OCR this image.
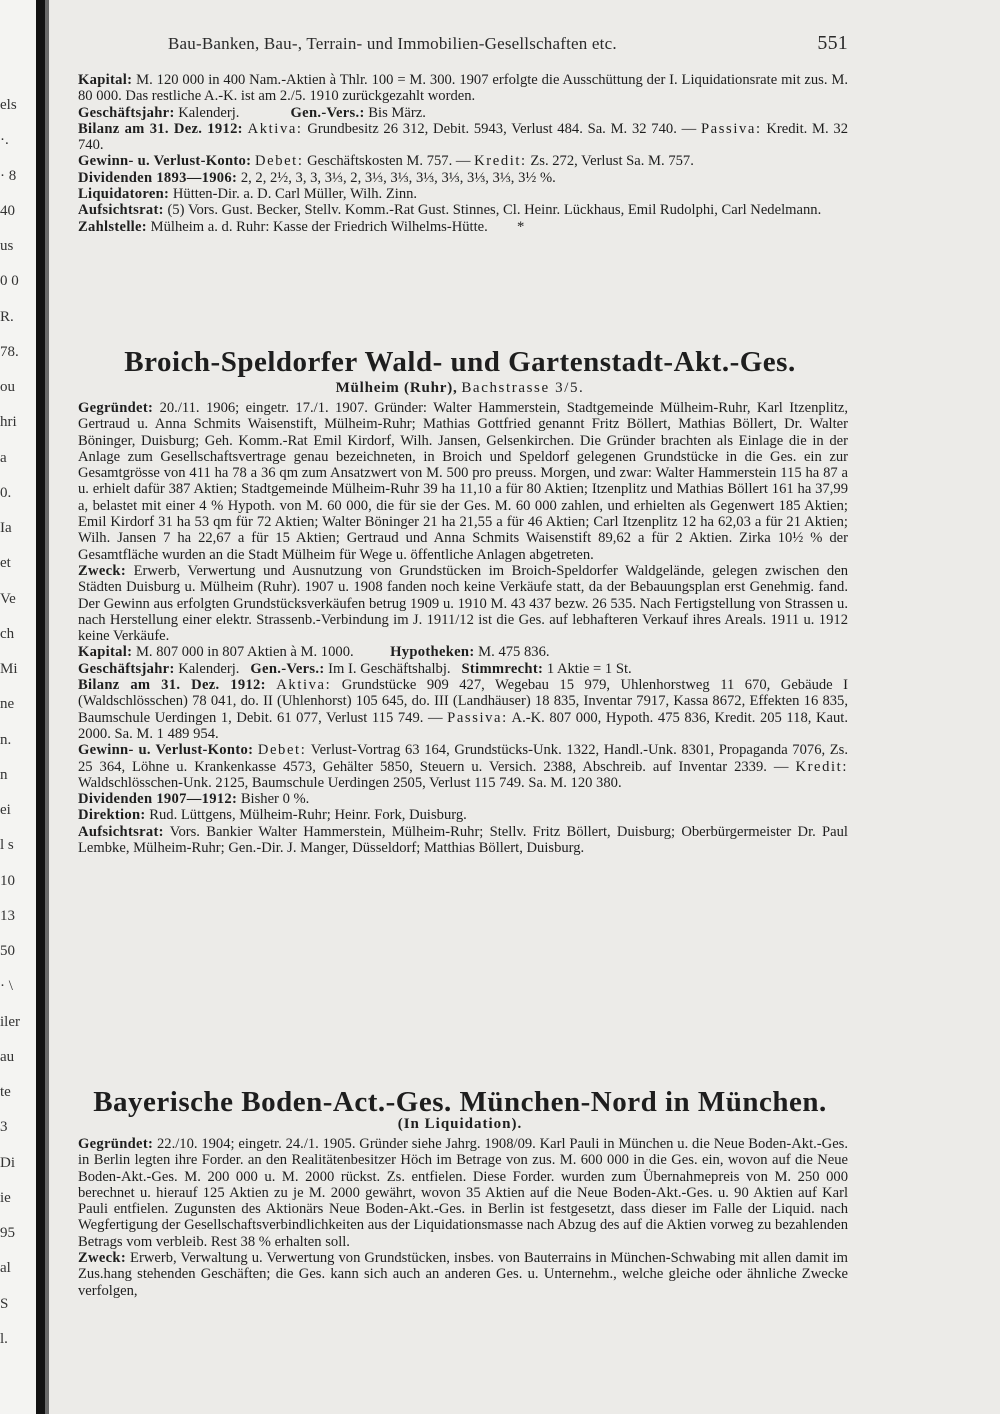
els
·.
· 8
40
us
0 0
R.
78.
ou
hri
a
0.
Ia
et
Ve
ch
Mi
ne
n.
n
ei
l s
10
13
50
· \
iler
au
te
3
Di
ie
95
al
S
l.
Bau-Banken, Bau-, Terrain- und Immobilien-Gesellschaften etc.	551

Kapital: M. 120 000 in 400 Nam.-Aktien à Thlr. 100 = M. 300. 1907 erfolgte die Ausschüttung der I. Liquidationsrate mit zus. M. 80 000. Das restliche A.-K. ist am 2./5. 1910 zurückgezahlt worden.

Geschäftsjahr: Kalenderj.	Gen.-Vers.: Bis März.

Bilanz am 31. Dez. 1912: Aktiva: Grundbesitz 26 312, Debit. 5943, Verlust 484. Sa. M. 32 740. — Passiva: Kredit. M. 32 740.

Gewinn- u. Verlust-Konto: Debet: Geschäftskosten M. 757. — Kredit: Zs. 272, Verlust Sa. M. 757.

Dividenden 1893—1906: 2, 2, 2½, 3, 3, 3⅓, 2, 3⅓, 3⅓, 3⅓, 3⅓, 3⅓, 3⅓, 3½ %.

Liquidatoren: Hütten-Dir. a. D. Carl Müller, Wilh. Zinn.

Aufsichtsrat: (5) Vors. Gust. Becker, Stellv. Komm.-Rat Gust. Stinnes, Cl. Heinr. Lückhaus, Emil Rudolphi, Carl Nedelmann.

Zahlstelle: Mülheim a. d. Ruhr: Kasse der Friedrich Wilhelms-Hütte. *

Broich-Speldorfer Wald- und Gartenstadt-Akt.-Ges.
Mülheim (Ruhr), Bachstrasse 3/5.

Gegründet: 20./11. 1906; eingetr. 17./1. 1907. Gründer: Walter Hammerstein, Stadtgemeinde Mülheim-Ruhr, Karl Itzenplitz, Gertraud u. Anna Schmits Waisenstift, Mülheim-Ruhr; Mathias Gottfried genannt Fritz Böllert, Mathias Böllert, Dr. Walter Böninger, Duisburg; Geh. Komm.-Rat Emil Kirdorf, Wilh. Jansen, Gelsenkirchen. Die Gründer brachten als Einlage die in der Anlage zum Gesellschaftsvertrage genau bezeichneten, in Broich und Speldorf gelegenen Grundstücke in die Ges. ein zur Gesamtgrösse von 411 ha 78 a 36 qm zum Ansatzwert von M. 500 pro preuss. Morgen, und zwar: Walter Hammerstein 115 ha 87 a u. erhielt dafür 387 Aktien; Stadtgemeinde Mülheim-Ruhr 39 ha 11,10 a für 80 Aktien; Itzenplitz und Mathias Böllert 161 ha 37,99 a, belastet mit einer 4 % Hypoth. von M. 60 000, die für sie der Ges. M. 60 000 zahlen, und erhielten als Gegenwert 185 Aktien; Emil Kirdorf 31 ha 53 qm für 72 Aktien; Walter Böninger 21 ha 21,55 a für 46 Aktien; Carl Itzenplitz 12 ha 62,03 a für 21 Aktien; Wilh. Jansen 7 ha 22,67 a für 15 Aktien; Gertraud und Anna Schmits Waisenstift 89,62 a für 2 Aktien. Zirka 10½ % der Gesamtfläche wurden an die Stadt Mülheim für Wege u. öffentliche Anlagen abgetreten.

Zweck: Erwerb, Verwertung und Ausnutzung von Grundstücken im Broich-Speldorfer Waldgelände, gelegen zwischen den Städten Duisburg u. Mülheim (Ruhr). 1907 u. 1908 fanden noch keine Verkäufe statt, da der Bebauungsplan erst Genehmig. fand. Der Gewinn aus erfolgten Grundstücksverkäufen betrug 1909 u. 1910 M. 43 437 bezw. 26 535. Nach Fertigstellung von Strassen u. nach Herstellung einer elektr. Strassenb.-Verbindung im J. 1911/12 ist die Ges. auf lebhafteren Verkauf ihres Areals. 1911 u. 1912 keine Verkäufe.

Kapital: M. 807 000 in 807 Aktien à M. 1000. Hypotheken: M. 475 836.

Geschäftsjahr: Kalenderj. Gen.-Vers.: Im I. Geschäftshalbj. Stimmrecht: 1 Aktie = 1 St.

Bilanz am 31. Dez. 1912: Aktiva: Grundstücke 909 427, Wegebau 15 979, Uhlenhorstweg 11 670, Gebäude I (Waldschlösschen) 78 041, do. II (Uhlenhorst) 105 645, do. III (Landhäuser) 18 835, Inventar 7917, Kassa 8672, Effekten 16 835, Baumschule Uerdingen 1, Debit. 61 077, Verlust 115 749. — Passiva: A.-K. 807 000, Hypoth. 475 836, Kredit. 205 118, Kaut. 2000. Sa. M. 1 489 954.

Gewinn- u. Verlust-Konto: Debet: Verlust-Vortrag 63 164, Grundstücks-Unk. 1322, Handl.-Unk. 8301, Propaganda 7076, Zs. 25 364, Löhne u. Krankenkasse 4573, Gehälter 5850, Steuern u. Versich. 2388, Abschreib. auf Inventar 2339. — Kredit: Waldschlösschen-Unk. 2125, Baumschule Uerdingen 2505, Verlust 115 749. Sa. M. 120 380.

Dividenden 1907—1912: Bisher 0 %.

Direktion: Rud. Lüttgens, Mülheim-Ruhr; Heinr. Fork, Duisburg.

Aufsichtsrat: Vors. Bankier Walter Hammerstein, Mülheim-Ruhr; Stellv. Fritz Böllert, Duisburg; Oberbürgermeister Dr. Paul Lembke, Mülheim-Ruhr; Gen.-Dir. J. Manger, Düsseldorf; Matthias Böllert, Duisburg.

Bayerische Boden-Act.-Ges. München-Nord in München.
(In Liquidation).

Gegründet: 22./10. 1904; eingetr. 24./1. 1905. Gründer siehe Jahrg. 1908/09. Karl Pauli in München u. die Neue Boden-Akt.-Ges. in Berlin legten ihre Forder. an den Realitätenbesitzer Höch im Betrage von zus. M. 600 000 in die Ges. ein, wovon auf die Neue Boden-Akt.-Ges. M. 200 000 u. M. 2000 rückst. Zs. entfielen. Diese Forder. wurden zum Übernahmepreis von M. 250 000 berechnet u. hierauf 125 Aktien zu je M. 2000 gewährt, wovon 35 Aktien auf die Neue Boden-Akt.-Ges. u. 90 Aktien auf Karl Pauli entfielen. Zugunsten des Aktionärs Neue Boden-Akt.-Ges. in Berlin ist festgesetzt, dass dieser im Falle der Liquid. nach Wegfertigung der Gesellschaftsverbindlichkeiten aus der Liquidationsmasse nach Abzug des auf die Aktien vorweg zu bezahlenden Betrags vom verbleib. Rest 38 % erhalten soll.

Zweck: Erwerb, Verwaltung u. Verwertung von Grundstücken, insbes. von Bauterrains in München-Schwabing mit allen damit im Zus.hang stehenden Geschäften; die Ges. kann sich auch an anderen Ges. u. Unternehm., welche gleiche oder ähnliche Zwecke verfolgen,
